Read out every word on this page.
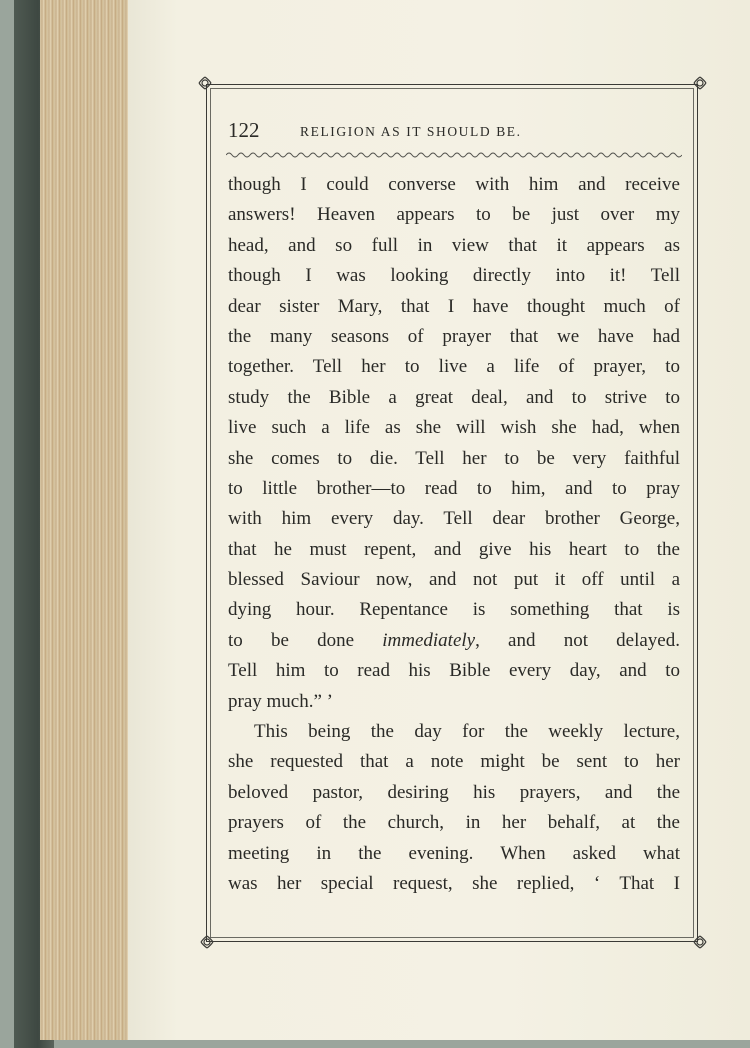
122	RELIGION AS IT SHOULD BE.
though I could converse with him and receive
answers! Heaven appears to be just over my
head, and so full in view that it appears as
though I was looking directly into it! Tell
dear sister Mary, that I have thought much of
the many seasons of prayer that we have had
together. Tell her to live a life of prayer, to
study the Bible a great deal, and to strive to
live such a life as she will wish she had, when
she comes to die. Tell her to be very faithful
to little brother—to read to him, and to pray
with him every day. Tell dear brother George,
that he must repent, and give his heart to the
blessed Saviour now, and not put it off until a
dying hour. Repentance is something that is
to be done immediately, and not delayed.
Tell him to read his Bible every day, and to
pray much.” ’
This being the day for the weekly lecture,
she requested that a note might be sent to her
beloved pastor, desiring his prayers, and the
prayers of the church, in her behalf, at the
meeting in the evening. When asked what
was her special request, she replied, ‘ That I
